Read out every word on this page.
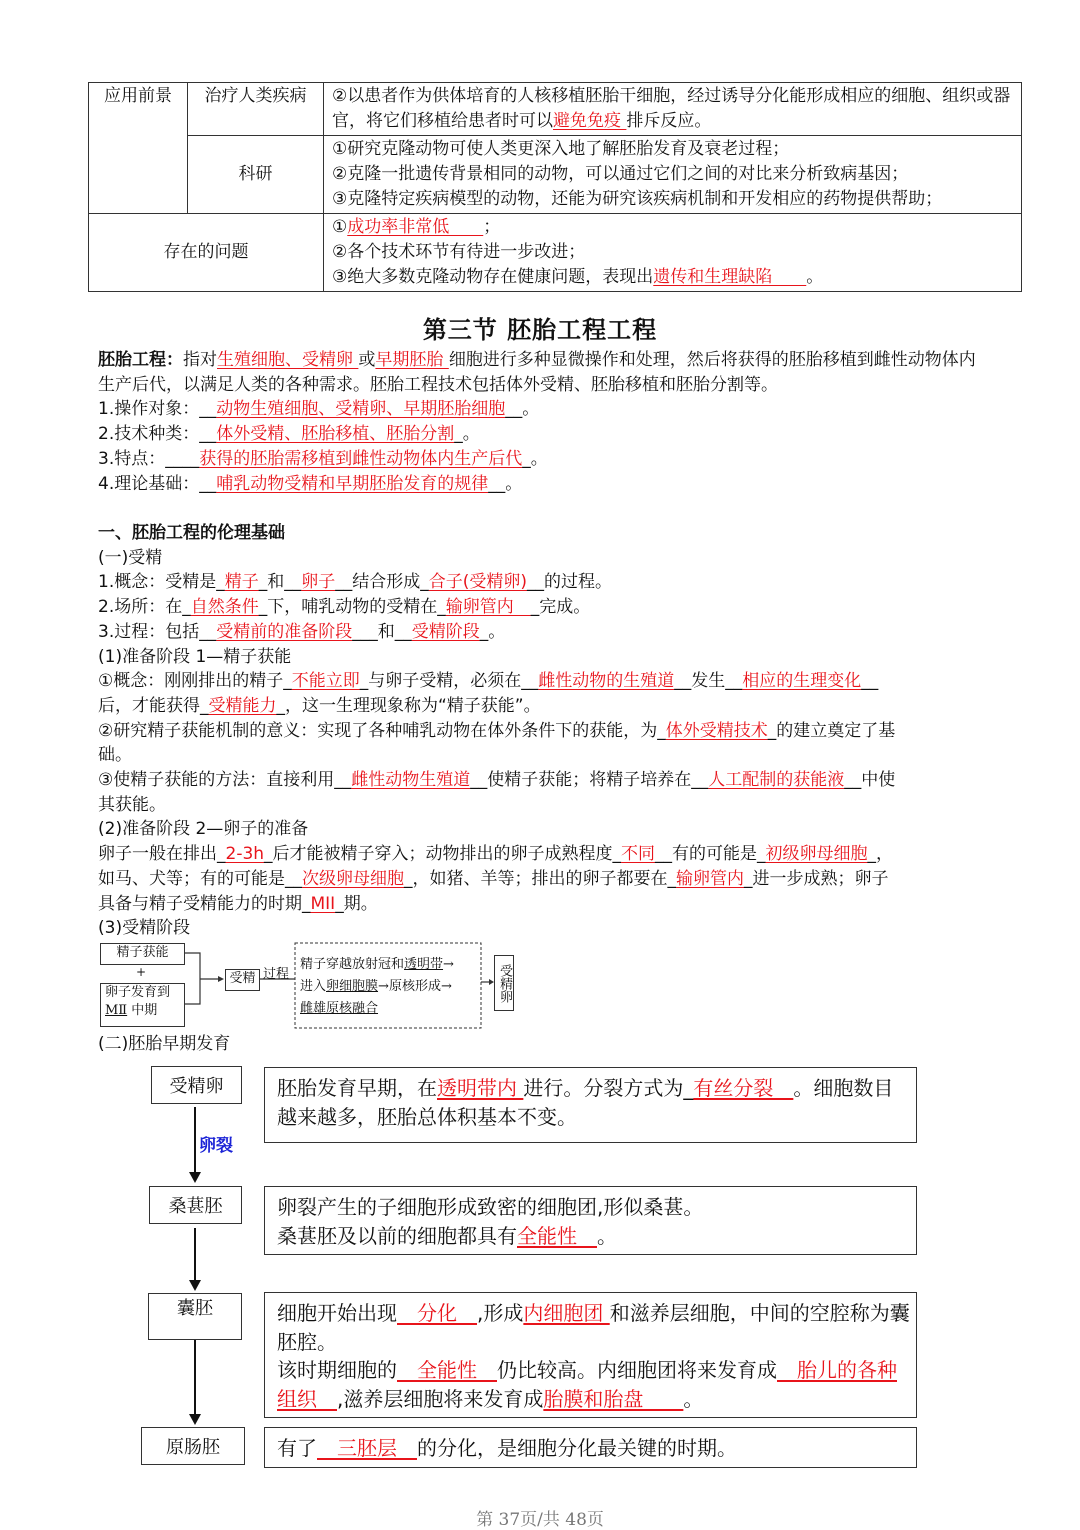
应用前景	治疗人类疾病	②以患者作为供体培育的人核移植胚胎干细胞，经过诱导分化能形成相应的细胞、组织或器官，将它们移植给患者时可以避免免疫 排斥反应。
	科研	①研究克隆动物可使人类更深入地了解胚胎发育及衰老过程；
②克隆一批遗传背景相同的动物，可以通过它们之间的对比来分析致病基因；
③克隆特定疾病模型的动物，还能为研究该疾病机制和开发相应的药物提供帮助；

存在的问题		①成功率非常低　　；
②各个技术环节有待进一步改进；
③绝大多数克隆动物存在健康问题，表现出遗传和生理缺陷　　。
第三节 胚胎工程工程
胚胎工程：指对生殖细胞、受精卵 或早期胚胎 细胞进行多种显微操作和处理，然后将获得的胚胎移植到雌性动物体内生产后代，以满足人类的各种需求。胚胎工程技术包括体外受精、胚胎移植和胚胎分割等。
1.操作对象：__动物生殖细胞、受精卵、早期胚胎细胞__。
2.技术种类：__体外受精、胚胎移植、胚胎分割_。
3.特点：____获得的胚胎需移植到雌性动物体内生产后代_。
4.理论基础：__哺乳动物受精和早期胚胎发育的规律__。
一、胚胎工程的伦理基础
(一)受精
1.概念：受精是_精子_和__卵子__结合形成_合子(受精卵)__的过程。
2.场所：在_自然条件_下，哺乳动物的受精在_输卵管内　_完成。
3.过程：包括__受精前的准备阶段___和__受精阶段_。
(1)准备阶段 1—精子获能
①概念：刚刚排出的精子_不能立即_与卵子受精，必须在__雌性动物的生殖道__发生__相应的生理变化__
后，才能获得_受精能力_，这一生理现象称为“精子获能”。
②研究精子获能机制的意义：实现了各种哺乳动物在体外条件下的获能，为_体外受精技术_的建立奠定了基
础。
③使精子获能的方法：直接利用__雌性动物生殖道__使精子获能；将精子培养在__人工配制的获能液__中使
其获能。
(2)准备阶段 2—卵子的准备
卵子一般在排出_2-3h_后才能被精子穿入；动物排出的卵子成熟程度_不同__有的可能是_初级卵母细胞_，
如马、犬等；有的可能是__次级卵母细胞_，如猪、羊等；排出的卵子都要在_输卵管内_进一步成熟；卵子
具备与精子受精能力的时期_MII_期。
(3)受精阶段
精子获能
+
卵子发育到
MⅡ 中期
受精 过程
精子穿越放射冠和透明带→
进入卵细胞膜→原核形成→
雌雄原核融合
受精卵
(二)胚胎早期发育
受精卵
桑葚胚
囊胚
原肠胚
卵裂
胚胎发育早期，在透明带内 进行。分裂方式为_有丝分裂　。细胞数目越来越多，胚胎总体积基本不变。
卵裂产生的子细胞形成致密的细胞团,形似桑葚。
桑葚胚及以前的细胞都具有全能性　。
细胞开始出现　分化　,形成内细胞团 和滋养层细胞，中间的空腔称为囊胚腔。
该时期细胞的　全能性　仍比较高。内细胞团将来发育成　胎儿的各种组织　,滋养层细胞将来发育成胎膜和胎盘　　。
有了　三胚层　的分化，是细胞分化最关键的时期。
第 37页/共 48页
